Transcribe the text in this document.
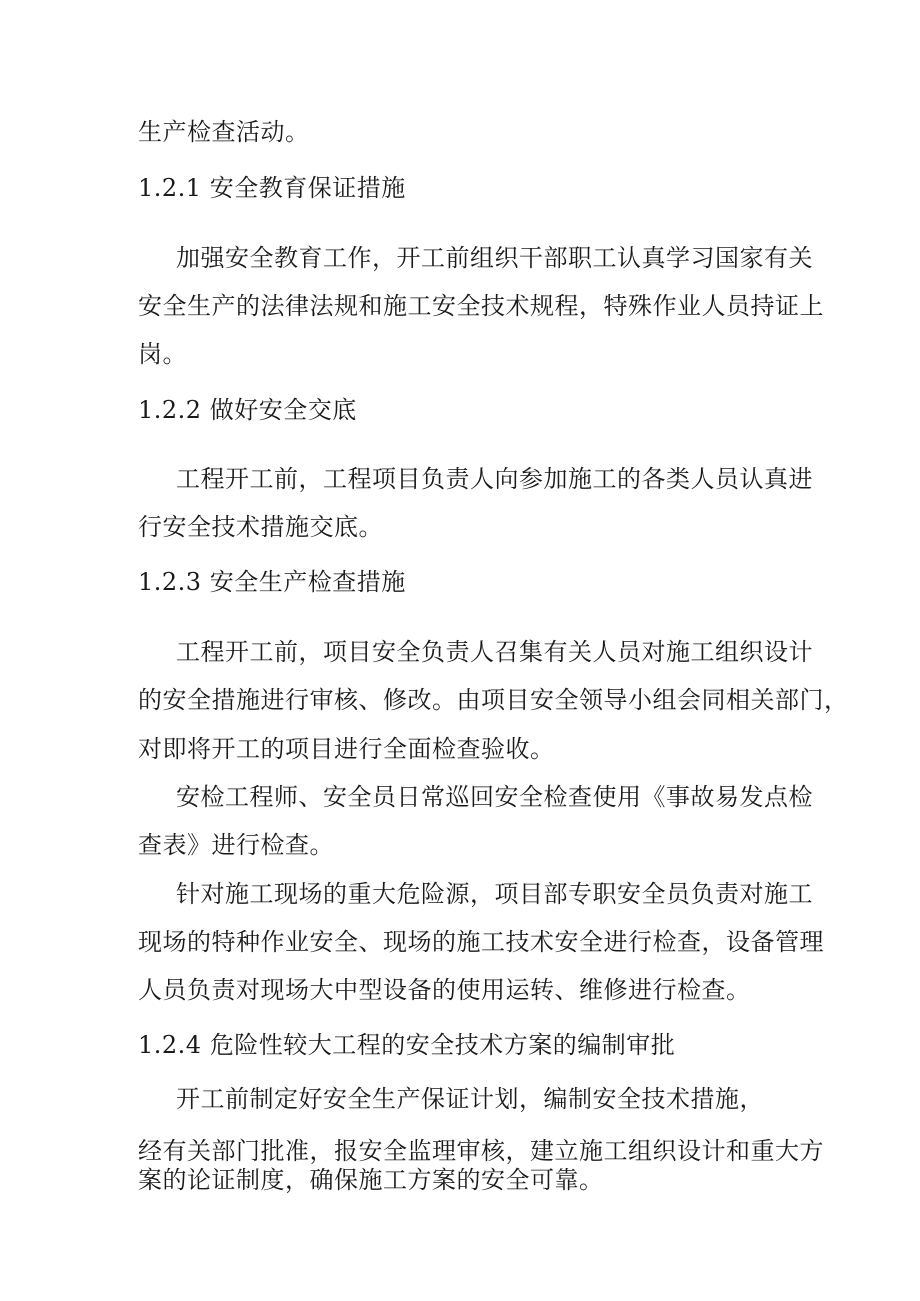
生产检查活动。
1.2.1 安全教育保证措施
加强安全教育工作，开工前组织干部职工认真学习国家有关
安全生产的法律法规和施工安全技术规程，特殊作业人员持证上
岗。
1.2.2 做好安全交底
工程开工前，工程项目负责人向参加施工的各类人员认真进
行安全技术措施交底。
1.2.3 安全生产检查措施
工程开工前，项目安全负责人召集有关人员对施工组织设计
的安全措施进行审核、修改。由项目安全领导小组会同相关部门，
对即将开工的项目进行全面检查验收。
安检工程师、安全员日常巡回安全检查使用《事故易发点检
查表》进行检查。
针对施工现场的重大危险源，项目部专职安全员负责对施工
现场的特种作业安全、现场的施工技术安全进行检查，设备管理
人员负责对现场大中型设备的使用运转、维修进行检查。
1.2.4 危险性较大工程的安全技术方案的编制审批
开工前制定好安全生产保证计划，编制安全技术措施，
经有关部门批准，报安全监理审核，建立施工组织设计和重大方
案的论证制度，确保施工方案的安全可靠。
